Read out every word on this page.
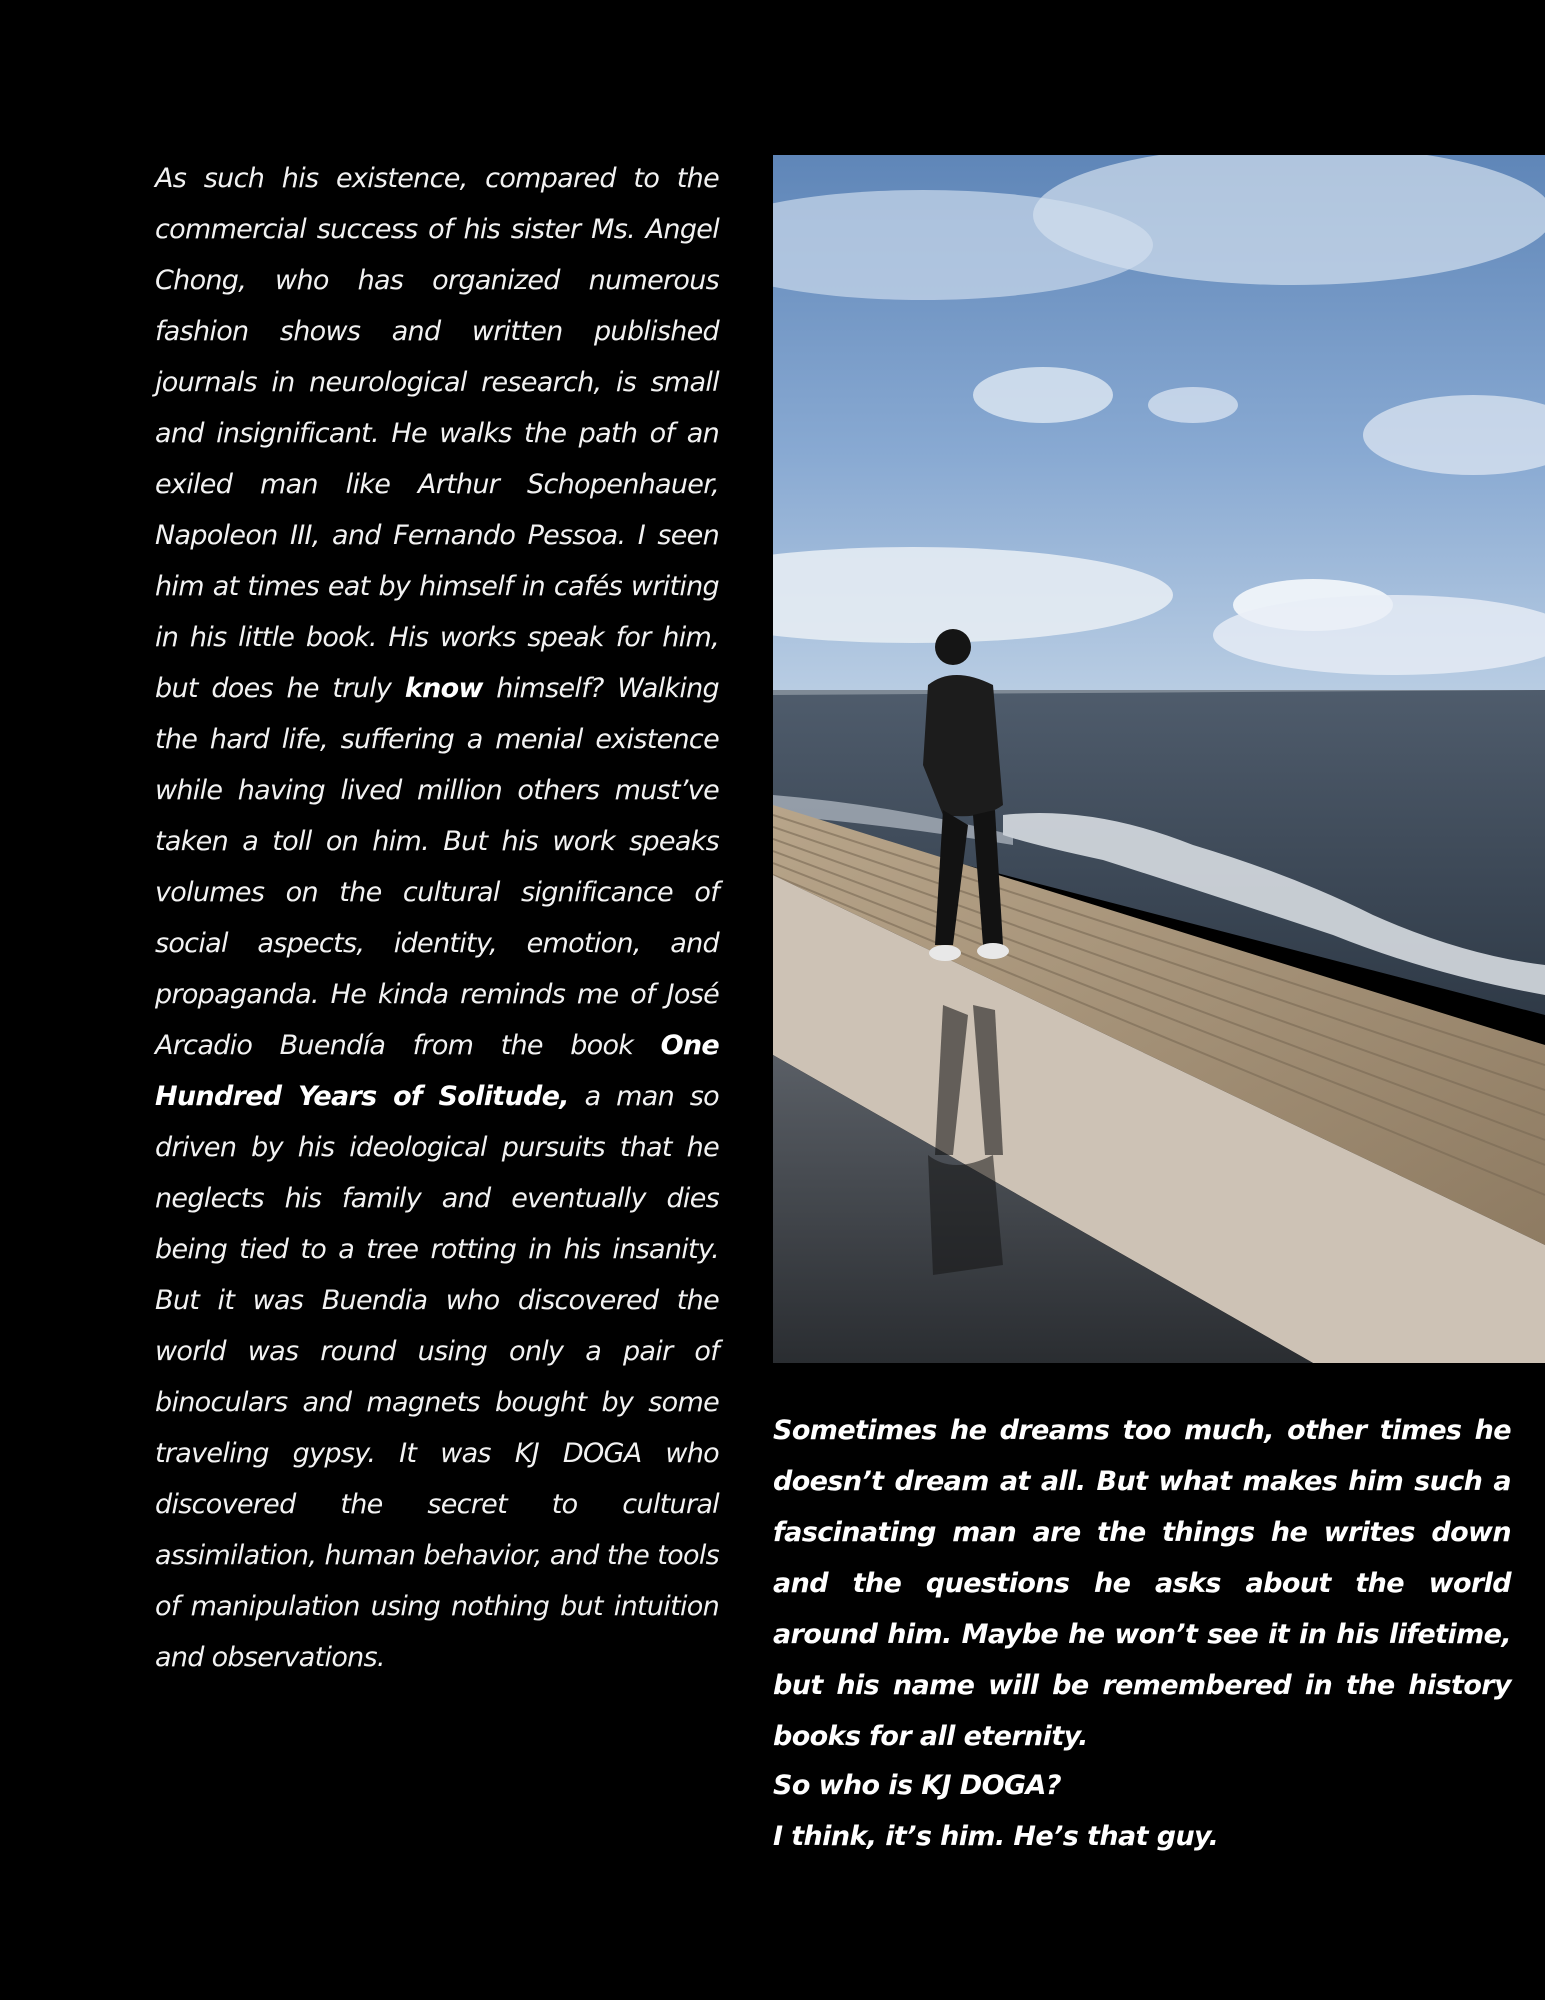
As such his existence, compared to the commercial success of his sister Ms. Angel Chong, who has organized numerous fashion shows and written published journals in neurological research, is small and insignificant. He walks the path of an exiled man like Arthur Schopenhauer, Napoleon III, and Fernando Pessoa. I seen him at times eat by himself in cafés writing in his little book. His works speak for him, but does he truly know himself? Walking the hard life, suffering a menial existence while having lived million others must’ve taken a toll on him. But his work speaks volumes on the cultural significance of social aspects, identity, emotion, and propaganda. He kinda reminds me of José Arcadio Buendía from the book One Hundred Years of Solitude, a man so driven by his ideological pursuits that he neglects his family and eventually dies being tied to a tree rotting in his insanity. But it was Buendia who discovered the world was round using only a pair of binoculars and magnets bought by some traveling gypsy. It was KJ DOGA who discovered the secret to cultural assimilation, human behavior, and the tools of manipulation using nothing but intuition and observations.
Sometimes he dreams too much, other times he doesn’t dream at all. But what makes him such a fascinating man are the things he writes down and the questions he asks about the world around him. Maybe he won’t see it in his lifetime, but his name will be remembered in the history books for all eternity.

So who is KJ DOGA?

I think, it’s him. He’s that guy.
